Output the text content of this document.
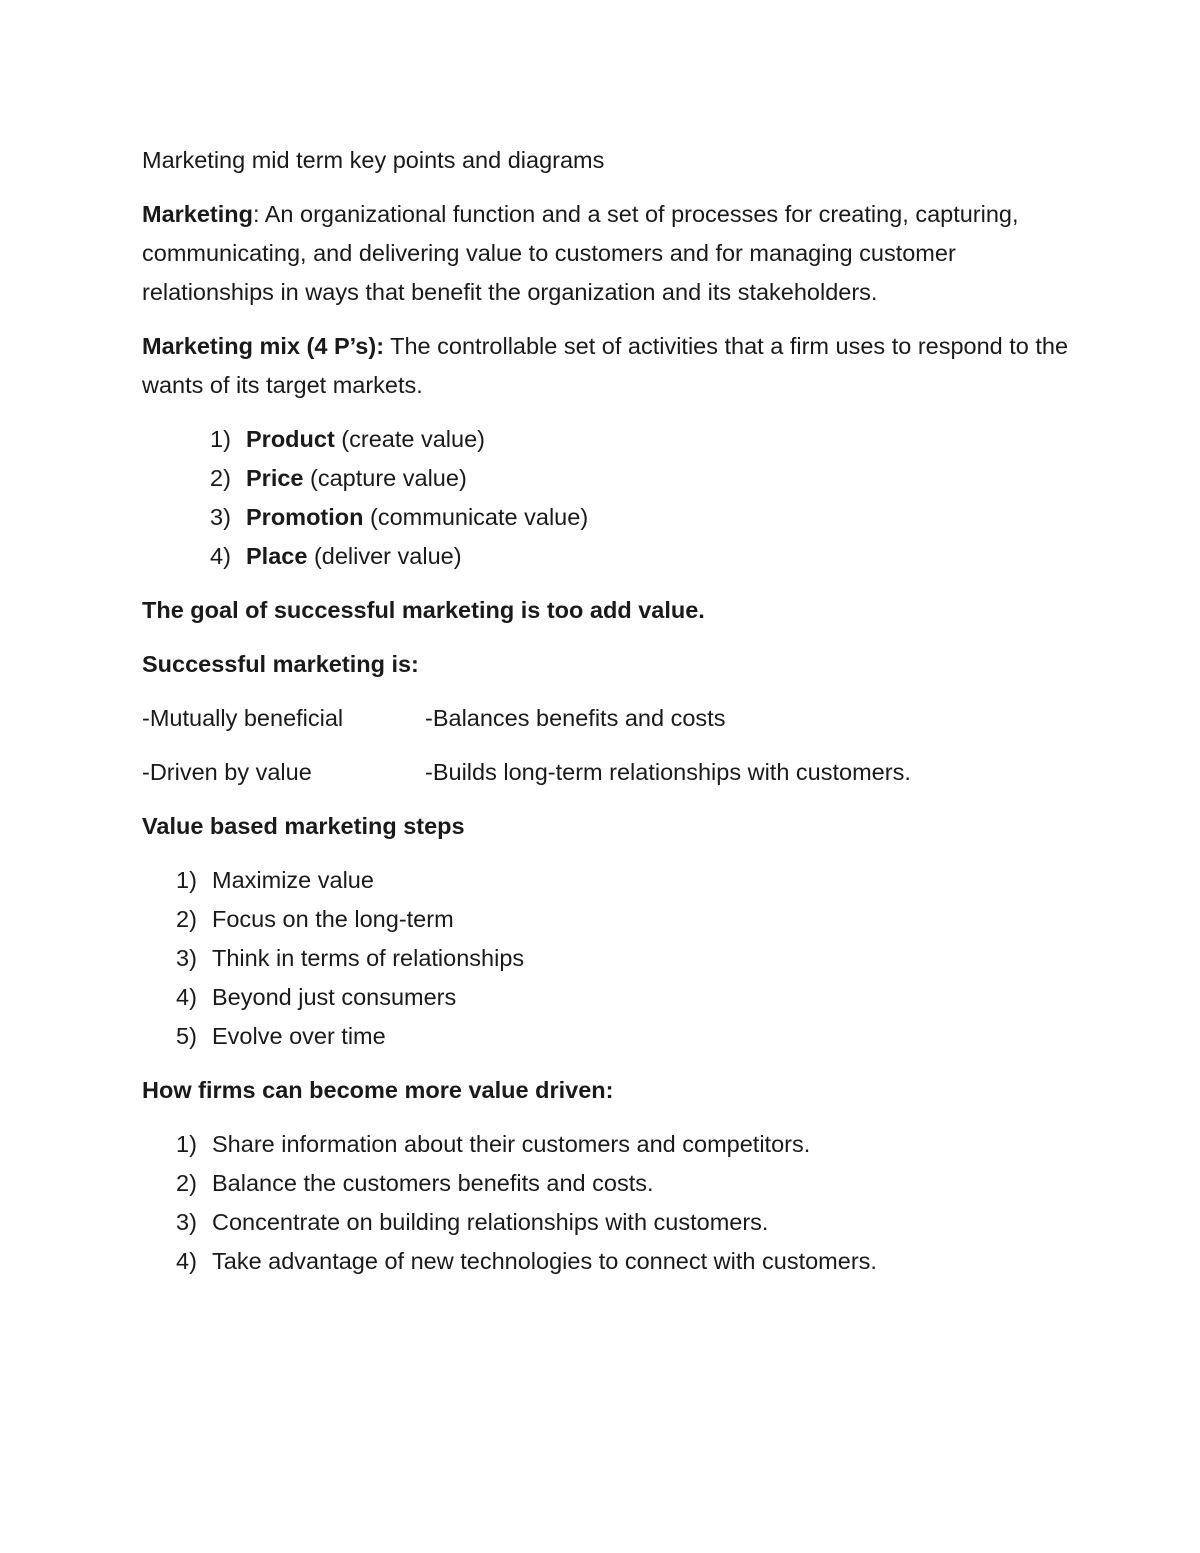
Marketing mid term key points and diagrams

Marketing: An organizational function and a set of processes for creating, capturing, communicating, and delivering value to customers and for managing customer relationships in ways that benefit the organization and its stakeholders.

Marketing mix (4 P’s): The controllable set of activities that a firm uses to respond to the wants of its target markets.

1) Product (create value)
2) Price (capture value)
3) Promotion (communicate value)
4) Place (deliver value)

The goal of successful marketing is too add value.

Successful marketing is:

-Mutually beneficial	-Balances benefits and costs
-Driven by value	-Builds long-term relationships with customers.

Value based marketing steps

1) Maximize value
2) Focus on the long-term
3) Think in terms of relationships
4) Beyond just consumers
5) Evolve over time

How firms can become more value driven:

1) Share information about their customers and competitors.
2) Balance the customers benefits and costs.
3) Concentrate on building relationships with customers.
4) Take advantage of new technologies to connect with customers.
